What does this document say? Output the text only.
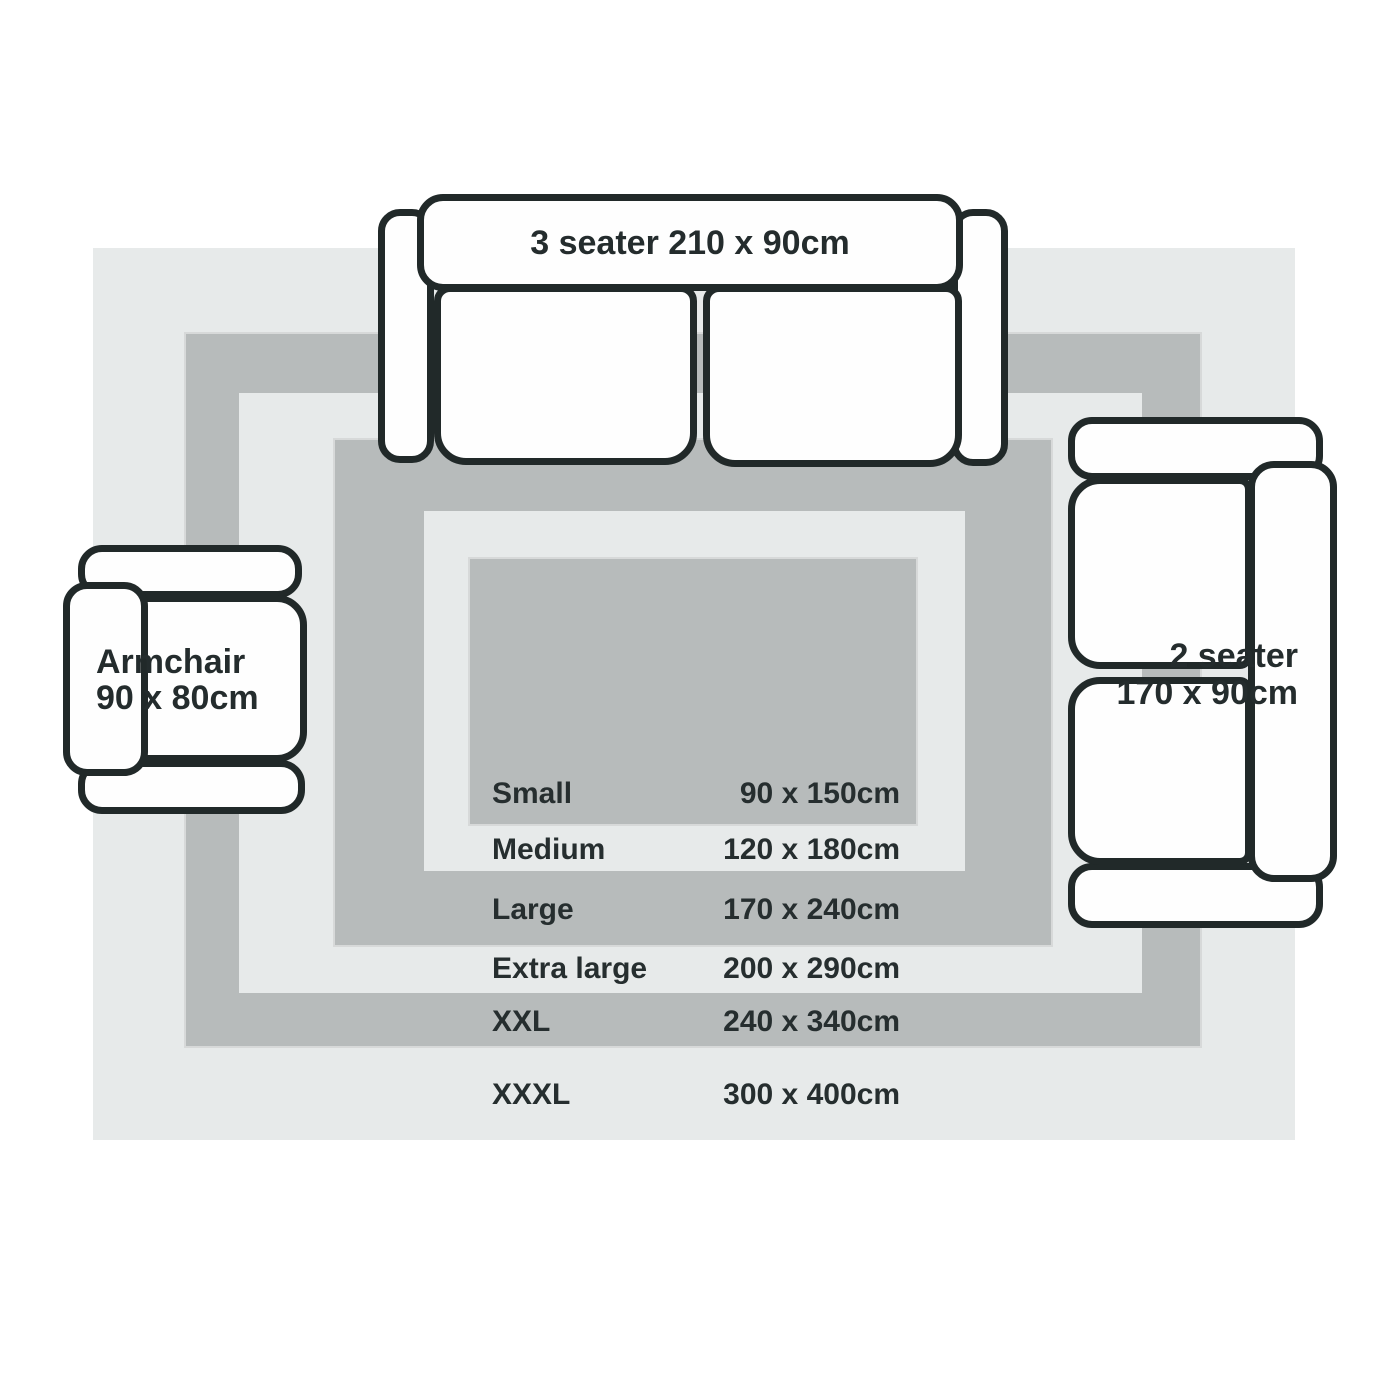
Small	90 x 150cm
Medium	120 x 180cm
Large	170 x 240cm
Extra large	200 x 290cm
XXL	240 x 340cm
XXXL	300 x 400cm
3 seater 210 x 90cm
2 seater
170 x 90cm
Armchair
90 x 80cm
